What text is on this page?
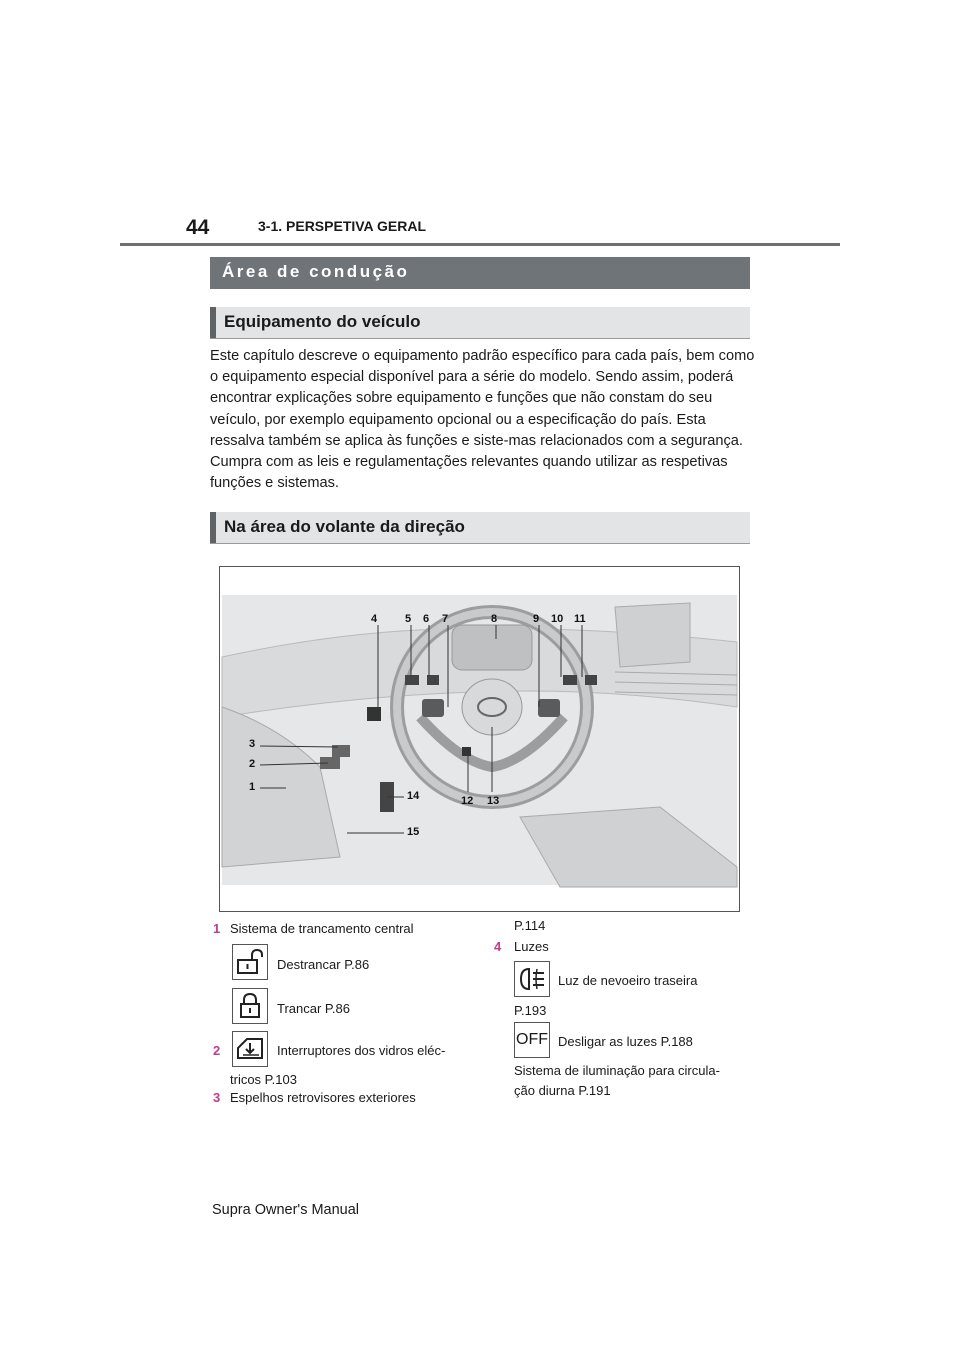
44	3-1. PERSPETIVA GERAL
Área de condução
Equipamento do veículo
Este capítulo descreve o equipamento padrão específico para cada país, bem como o equipamento especial disponível para a série do modelo. Sendo assim, poderá encontrar explicações sobre equipamento e funções que não constam do seu veículo, por exemplo equipamento opcional ou a especificação do país. Esta ressalva também se aplica às funções e siste-mas relacionados com a segurança. Cumpra com as leis e regulamentações relevantes quando utilizar as respetivas funções e sistemas.
Na área do volante da direção
4	5 6 7	8	9 10 11
3
2
1
12 13
14
15
1 Sistema de trancamento central
Destrancar P.86
Trancar P.86
2	Interruptores dos vidros eléc-
tricos P.103
3 Espelhos retrovisores exteriores
P.114
4 Luzes
Luz de nevoeiro traseira
P.193
OFF Desligar as luzes P.188
Sistema de iluminação para circula-
ção diurna P.191
Supra Owner's Manual
